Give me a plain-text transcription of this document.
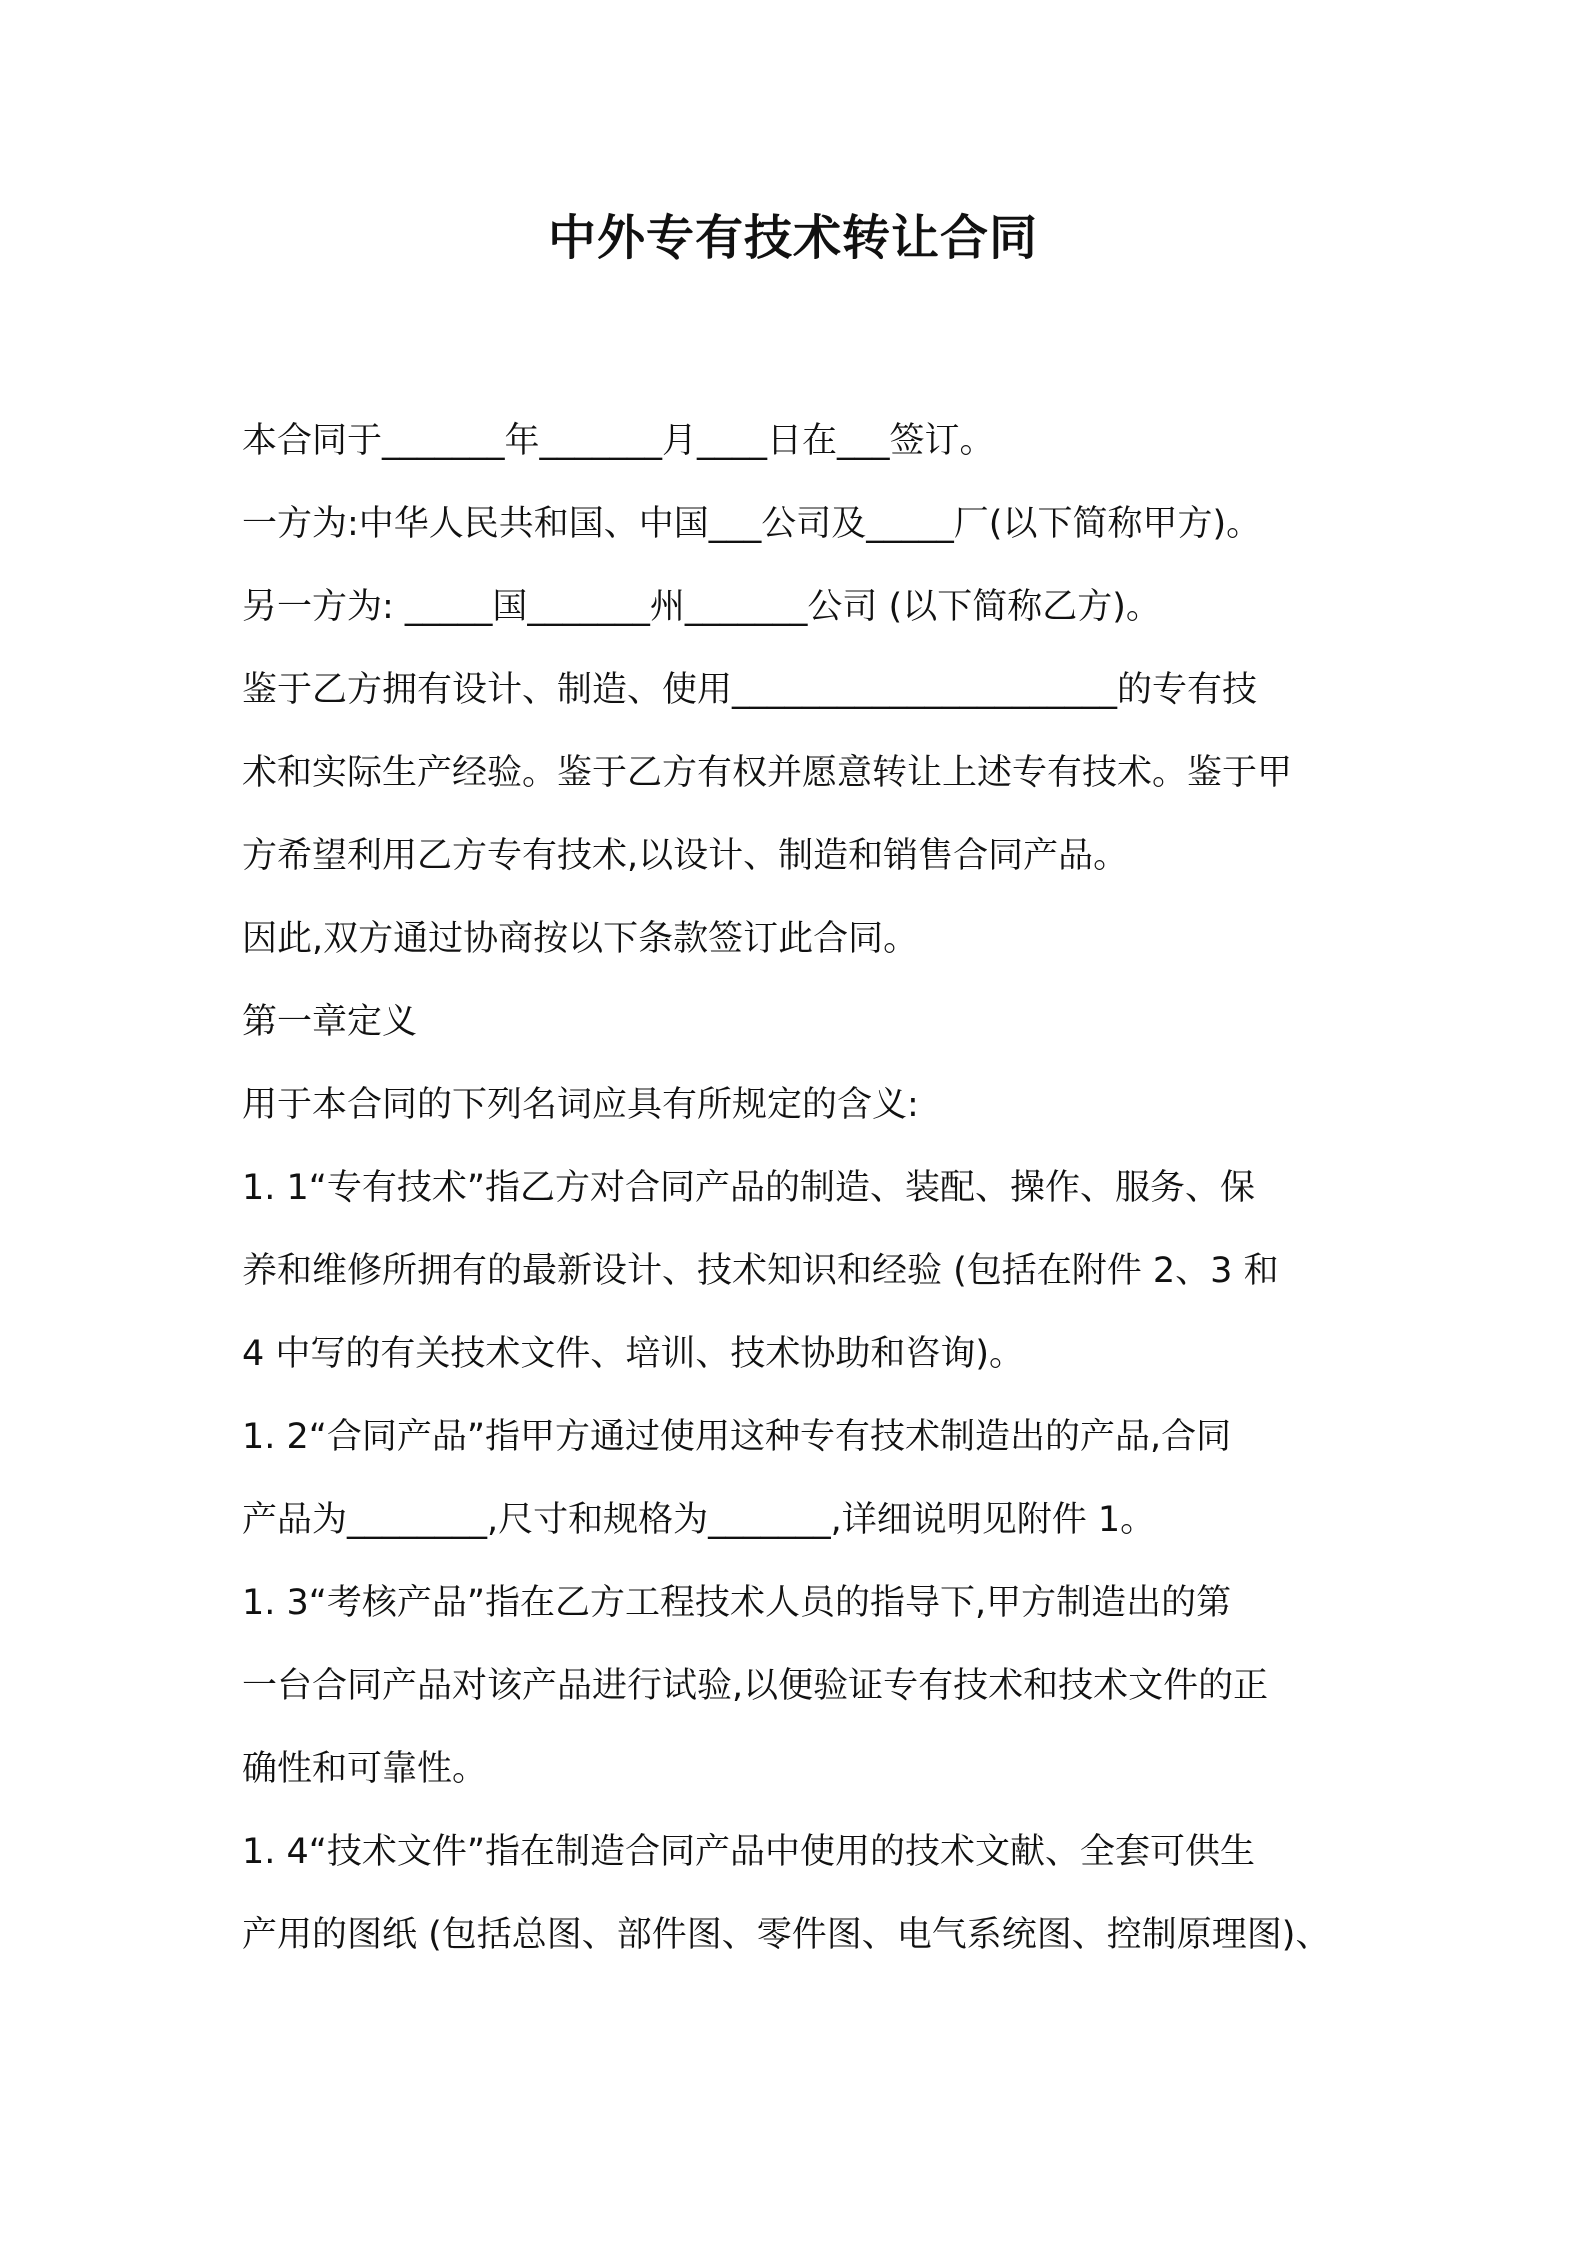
中外专有技术转让合同
本合同于_______年_______月____日在___签订。
一方为:中华人民共和国、中国___公司及_____厂(以下简称甲方)。
另一方为: _____国_______州_______公司 (以下简称乙方)。
鉴于乙方拥有设计、制造、使用______________________的专有技
术和实际生产经验。鉴于乙方有权并愿意转让上述专有技术。鉴于甲
方希望利用乙方专有技术,以设计、制造和销售合同产品。
因此,双方通过协商按以下条款签订此合同。
第一章定义
用于本合同的下列名词应具有所规定的含义:
1. 1“专有技术”指乙方对合同产品的制造、装配、操作、服务、保
养和维修所拥有的最新设计、技术知识和经验 (包括在附件 2、3 和
4 中写的有关技术文件、培训、技术协助和咨询)。
1. 2“合同产品”指甲方通过使用这种专有技术制造出的产品,合同
产品为________,尺寸和规格为_______,详细说明见附件 1。
1. 3“考核产品”指在乙方工程技术人员的指导下,甲方制造出的第
一台合同产品对该产品进行试验,以便验证专有技术和技术文件的正
确性和可靠性。
1. 4“技术文件”指在制造合同产品中使用的技术文献、全套可供生
产用的图纸 (包括总图、部件图、零件图、电气系统图、控制原理图)、
